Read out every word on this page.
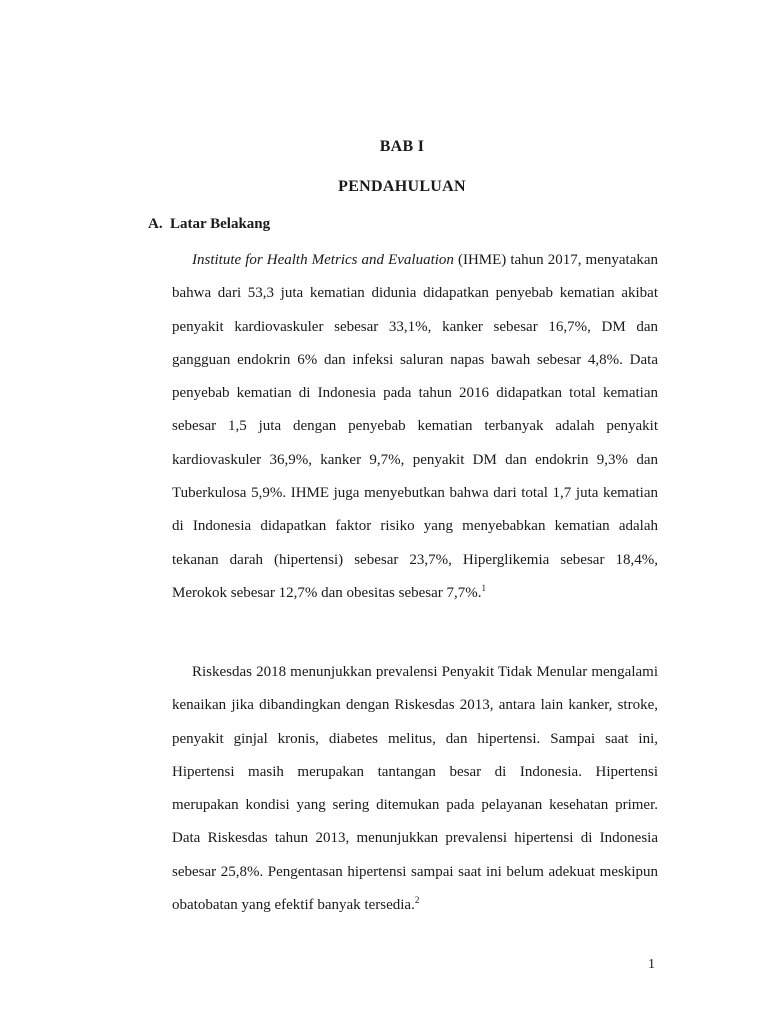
BAB I
PENDAHULUAN
A. Latar Belakang

Institute for Health Metrics and Evaluation (IHME) tahun 2017, menyatakan bahwa dari 53,3 juta kematian didunia didapatkan penyebab kematian akibat penyakit kardiovaskuler sebesar 33,1%, kanker sebesar 16,7%, DM dan gangguan endokrin 6% dan infeksi saluran napas bawah sebesar 4,8%. Data penyebab kematian di Indonesia pada tahun 2016 didapatkan total kematian sebesar 1,5 juta dengan penyebab kematian terbanyak adalah penyakit kardiovaskuler 36,9%, kanker 9,7%, penyakit DM dan endokrin 9,3% dan Tuberkulosa 5,9%. IHME juga menyebutkan bahwa dari total 1,7 juta kematian di Indonesia didapatkan faktor risiko yang menyebabkan kematian adalah tekanan darah (hipertensi) sebesar 23,7%, Hiperglikemia sebesar 18,4%, Merokok sebesar 12,7% dan obesitas sebesar 7,7%.$^1$

Riskesdas 2018 menunjukkan prevalensi Penyakit Tidak Menular mengalami kenaikan jika dibandingkan dengan Riskesdas 2013, antara lain kanker, stroke, penyakit ginjal kronis, diabetes melitus, dan hipertensi. Sampai saat ini, Hipertensi masih merupakan tantangan besar di Indonesia. Hipertensi merupakan kondisi yang sering ditemukan pada pelayanan kesehatan primer. Data Riskesdas tahun 2013, menunjukkan prevalensi hipertensi di Indonesia sebesar 25,8%. Pengentasan hipertensi sampai saat ini belum adekuat meskipun obatobatan yang efektif banyak tersedia.$^2$

1
